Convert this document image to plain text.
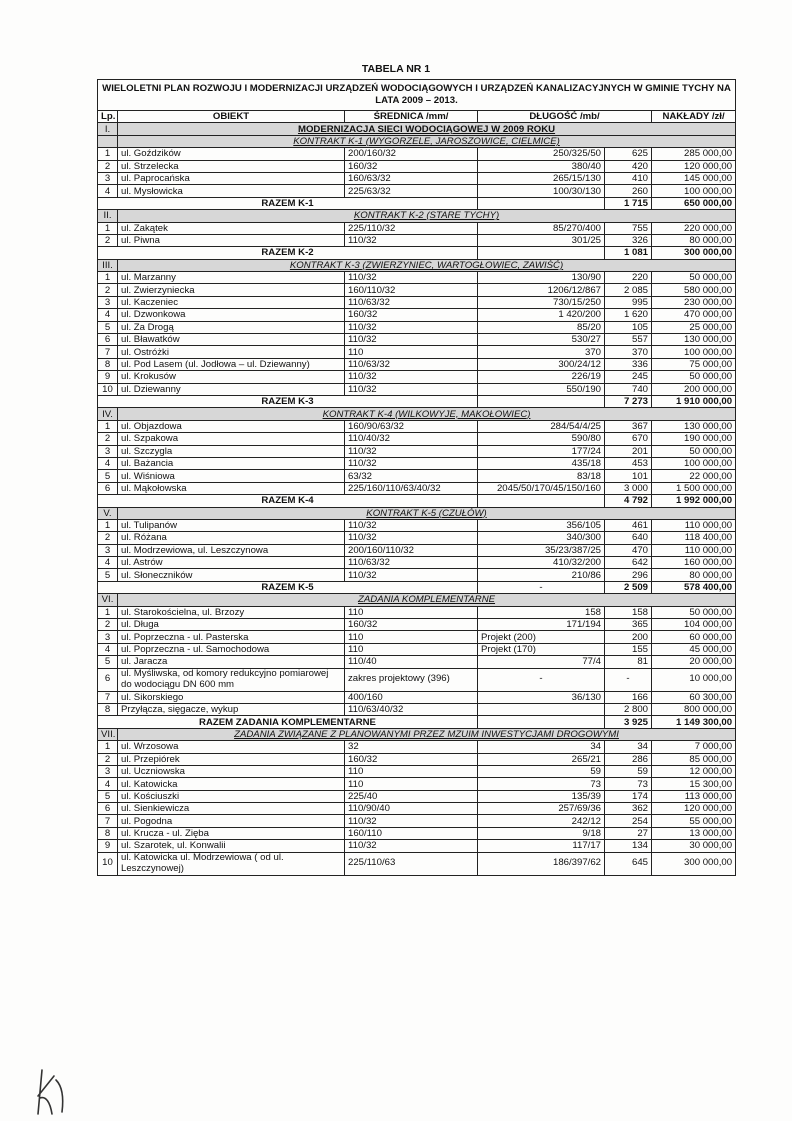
TABELA NR 1
WIELOLETNI PLAN ROZWOJU I MODERNIZACJI URZĄDZEŃ WODOCIĄGOWYCH I URZĄDZEŃ KANALIZACYJNYCH W GMINIE TYCHY NA LATA 2009 – 2013.					
Lp.	OBIEKT	ŚREDNICA /mm/	DŁUGOŚĆ /mb/		NAKŁADY /zł/
I.	MODERNIZACJA SIECI WODOCIĄGOWEJ W 2009 ROKU				
	KONTRAKT K-1 (WYGORZELE, JAROSZOWICE, CIELMICE)				
1	ul. Goździków	200/160/32	250/325/50	625	285 000,00
2	ul. Strzelecka	160/32	380/40	420	120 000,00
3	ul. Paprocańska	160/63/32	265/15/130	410	145 000,00
4	ul. Mysłowicka	225/63/32	100/30/130	260	100 000,00
RAZEM K-1				1 715	650 000,00
II.	KONTRAKT K-2 (STARE TYCHY)				
1	ul. Zakątek	225/110/32	85/270/400	755	220 000,00
2	ul. Piwna	110/32	301/25	326	80 000,00
RAZEM K-2				1 081	300 000,00
III.	KONTRAKT K-3 (ZWIERZYNIEC, WARTOGŁOWIEC, ZAWIŚĆ)				
1	ul. Marzanny	110/32	130/90	220	50 000,00
2	ul. Zwierzyniecka	160/110/32	1206/12/867	2 085	580 000,00
3	ul. Kaczeniec	110/63/32	730/15/250	995	230 000,00
4	ul. Dzwonkowa	160/32	1 420/200	1 620	470 000,00
5	ul. Za Drogą	110/32	85/20	105	25 000,00
6	ul. Bławatków	110/32	530/27	557	130 000,00
7	ul. Ostróżki	110	370	370	100 000,00
8	ul. Pod Lasem (ul. Jodłowa – ul. Dziewanny)	110/63/32	300/24/12	336	75 000,00
9	ul. Krokusów	110/32	226/19	245	50 000,00
10	ul. Dziewanny	110/32	550/190	740	200 000,00
RAZEM K-3				7 273	1 910 000,00
IV.	KONTRAKT K-4 (WILKOWYJE, MAKOŁOWIEC)				
1	ul. Objazdowa	160/90/63/32	284/54/4/25	367	130 000,00
2	ul. Szpakowa	110/40/32	590/80	670	190 000,00
3	ul. Szczygla	110/32	177/24	201	50 000,00
4	ul. Bażancia	110/32	435/18	453	100 000,00
5	ul. Wiśniowa	63/32	83/18	101	22 000,00
6	ul. Mąkołowska	225/160/110/63/40/32	2045/50/170/45/150/160	3 000	1 500 000,00
RAZEM K-4				4 792	1 992 000,00
V.	KONTRAKT K-5 (CZUŁÓW)				
1	ul. Tulipanów	110/32	356/105	461	110 000,00
2	ul. Różana	110/32	340/300	640	118 400,00
3	ul. Modrzewiowa, ul. Leszczynowa	200/160/110/32	35/23/387/25	470	110 000,00
4	ul. Astrów	110/63/32	410/32/200	642	160 000,00
5	ul. Słoneczników	110/32	210/86	296	80 000,00
RAZEM K-5			-	2 509	578 400,00
VI.	ZADANIA KOMPLEMENTARNE				
1	ul. Starokościelna, ul. Brzozy	110	158	158	50 000,00
2	ul. Długa	160/32	171/194	365	104 000,00
3	ul. Poprzeczna - ul. Pasterska	110	Projekt (200)	200	60 000,00
4	ul. Poprzeczna - ul. Samochodowa	110	Projekt (170)	155	45 000,00
5	ul. Jaracza	110/40	77/4	81	20 000,00
6	ul. Myśliwska, od komory redukcyjno pomiarowej do wodociągu DN 600 mm	zakres projektowy (396)	-	-	10 000,00
7	ul. Sikorskiego	400/160	36/130	166	60 300,00
8	Przyłącza, sięgacze, wykup	110/63/40/32		2 800	800 000,00
RAZEM ZADANIA KOMPLEMENTARNE				3 925	1 149 300,00
VII.	ZADANIA ZWIĄZANE Z PLANOWANYMI PRZEZ MZUIM INWESTYCJAMI DROGOWYMI				
1	ul. Wrzosowa	32	34	34	7 000,00
2	ul. Przepiórek	160/32	265/21	286	85 000,00
3	ul. Uczniowska	110	59	59	12 000,00
4	ul. Katowicka	110	73	73	15 300,00
5	ul. Kościuszki	225/40	135/39	174	113 000,00
6	ul. Sienkiewicza	110/90/40	257/69/36	362	120 000,00
7	ul. Pogodna	110/32	242/12	254	55 000,00
8	ul. Krucza - ul. Zięba	160/110	9/18	27	13 000,00
9	ul. Szarotek, ul. Konwalii	110/32	117/17	134	30 000,00
10	ul. Katowicka ul. Modrzewiowa ( od ul. Leszczynowej)	225/110/63	186/397/62	645	300 000,00
